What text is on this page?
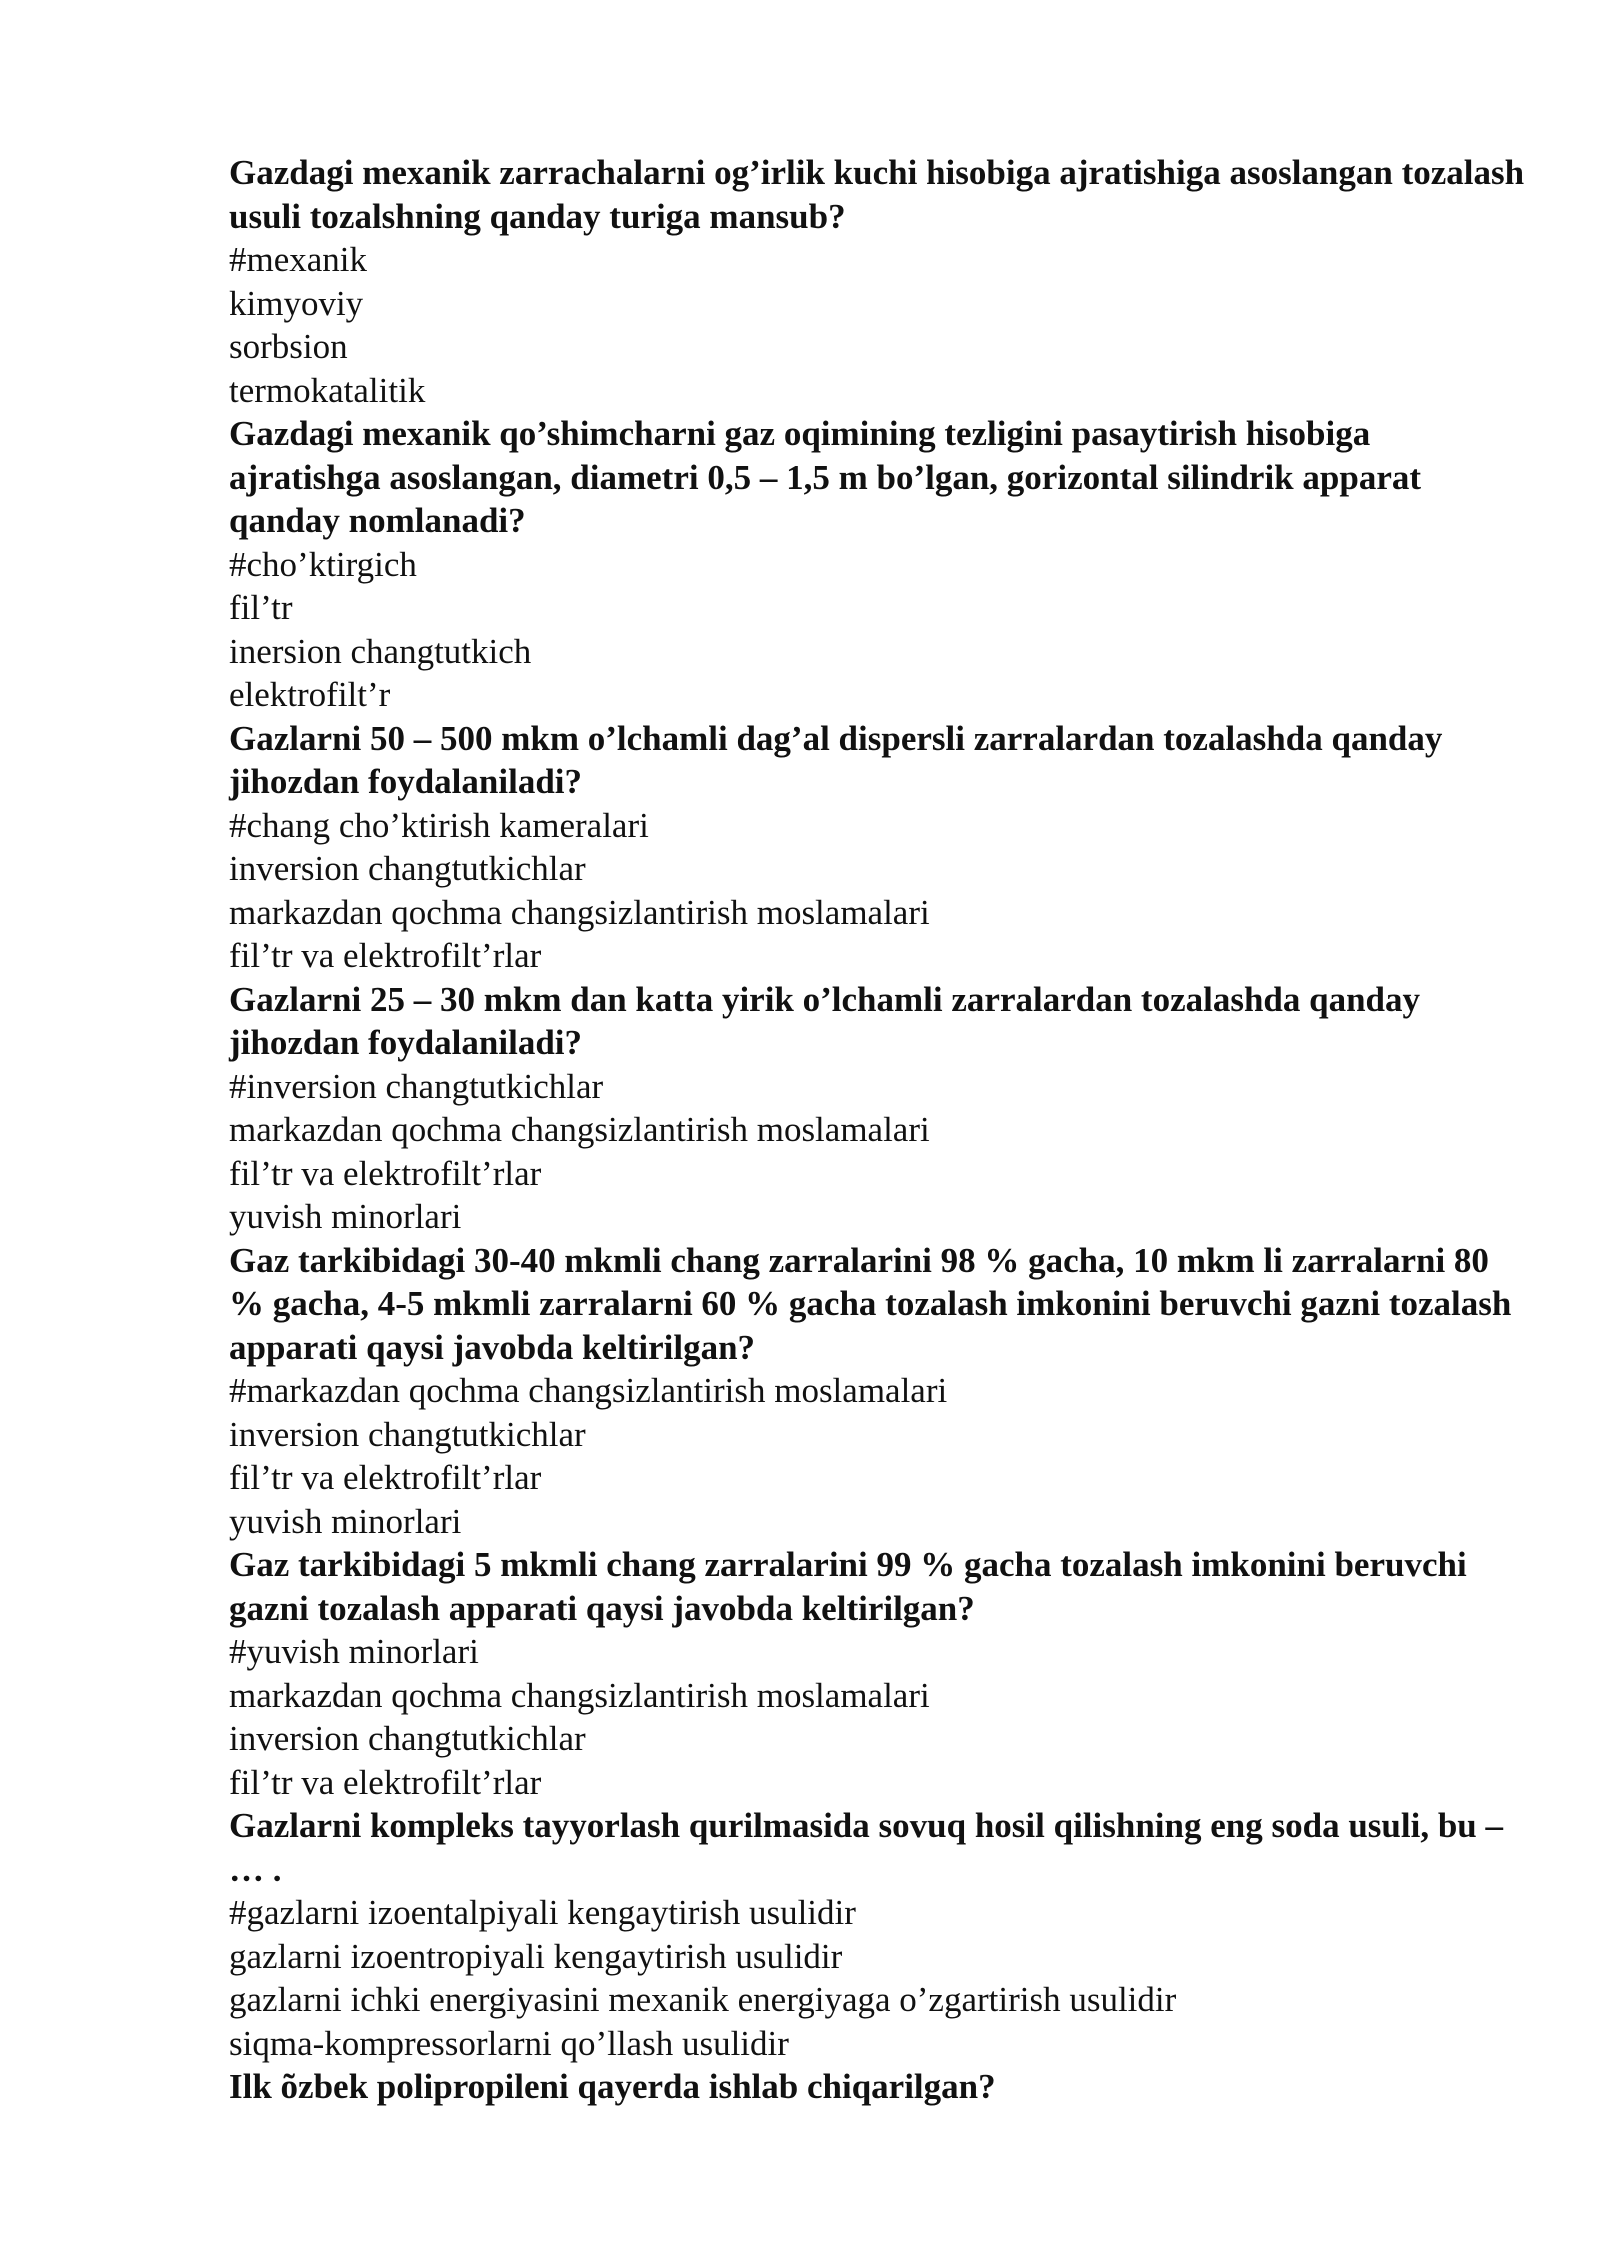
Gazdagi mexanik zarrachalarni og’irlik kuchi hisobiga ajratishiga asoslangan tozalash usuli tozalshning qanday turiga mansub?

#mexanik
kimyoviy
sorbsion
termokatalitik

Gazdagi mexanik qo’shimcharni gaz oqimining tezligini pasaytirish hisobiga ajratishga asoslangan, diametri 0,5 – 1,5 m bo’lgan, gorizontal silindrik apparat qanday nomlanadi?

#cho’ktirgich
fil’tr
inersion changtutkich
elektrofilt’r

Gazlarni 50 – 500 mkm o’lchamli dag’al dispersli zarralardan tozalashda qanday jihozdan foydalaniladi?

#chang cho’ktirish kameralari
inversion changtutkichlar
markazdan qochma changsizlantirish moslamalari
fil’tr va elektrofilt’rlar

Gazlarni 25 – 30 mkm dan katta yirik o’lchamli zarralardan tozalashda qanday jihozdan foydalaniladi?

#inversion changtutkichlar
markazdan qochma changsizlantirish moslamalari
fil’tr va elektrofilt’rlar
yuvish minorlari

Gaz tarkibidagi 30-40 mkmli chang zarralarini 98 % gacha, 10 mkm li zarralarni 80 % gacha, 4-5 mkmli zarralarni 60 % gacha tozalash imkonini beruvchi gazni tozalash apparati qaysi javobda keltirilgan?

#markazdan qochma changsizlantirish moslamalari
inversion changtutkichlar
fil’tr va elektrofilt’rlar
yuvish minorlari

Gaz tarkibidagi 5 mkmli chang zarralarini 99 % gacha tozalash imkonini beruvchi gazni tozalash apparati qaysi javobda keltirilgan?

#yuvish minorlari
markazdan qochma changsizlantirish moslamalari
inversion changtutkichlar
fil’tr va elektrofilt’rlar

Gazlarni kompleks tayyorlash qurilmasida sovuq hosil qilishning eng soda usuli, bu – … .

#gazlarni izoentalpiyali kengaytirish usulidir
gazlarni izoentropiyali kengaytirish usulidir
gazlarni ichki energiyasini mexanik energiyaga o’zgartirish usulidir
siqma-kompressorlarni qo’llash usulidir

Ilk õzbek polipropileni qayerda ishlab chiqarilgan?
